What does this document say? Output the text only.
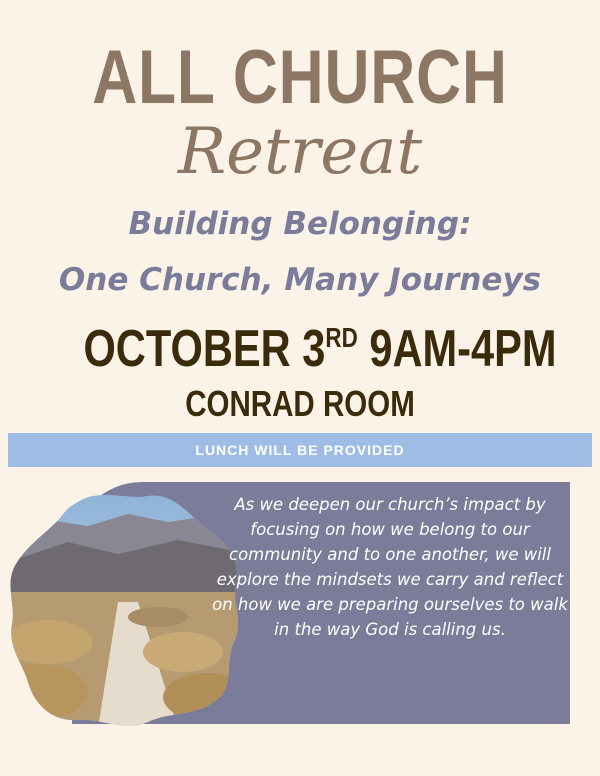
ALL CHURCH
Retreat
Building Belonging:
One Church, Many Journeys
OCTOBER 3RD 9AM-4PM
CONRAD ROOM
LUNCH WILL BE PROVIDED
As we deepen our church’s impact by focusing on how we belong to our community and to one another, we will explore the mindsets we carry and reflect on how we are preparing ourselves to walk in the way God is calling us.
